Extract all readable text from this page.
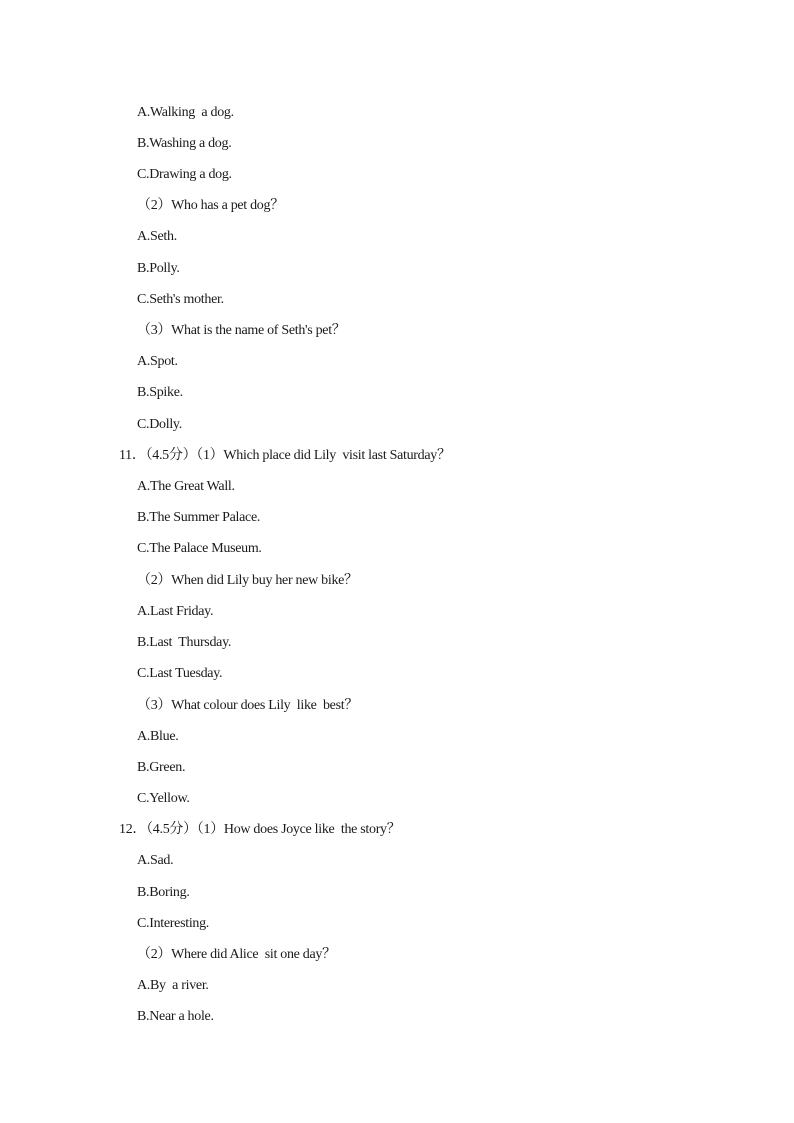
A.Walking  a dog.
B.Washing a dog.
C.Drawing a dog.
（2）Who has a pet dog？
A.Seth.
B.Polly.
C.Seth's mother.
（3）What is the name of Seth's pet？
A.Spot.
B.Spike.
C.Dolly.
11．（4.5分）（1）Which place did Lily  visit last Saturday？
A.The Great Wall.
B.The Summer Palace.
C.The Palace Museum.
（2）When did Lily buy her new bike？
A.Last Friday.
B.Last  Thursday.
C.Last Tuesday.
（3）What colour does Lily  like  best？
A.Blue.
B.Green.
C.Yellow.
12．（4.5分）（1）How does Joyce like  the story？
A.Sad.
B.Boring.
C.Interesting.
（2）Where did Alice  sit one day？
A.By  a river.
B.Near a hole.
